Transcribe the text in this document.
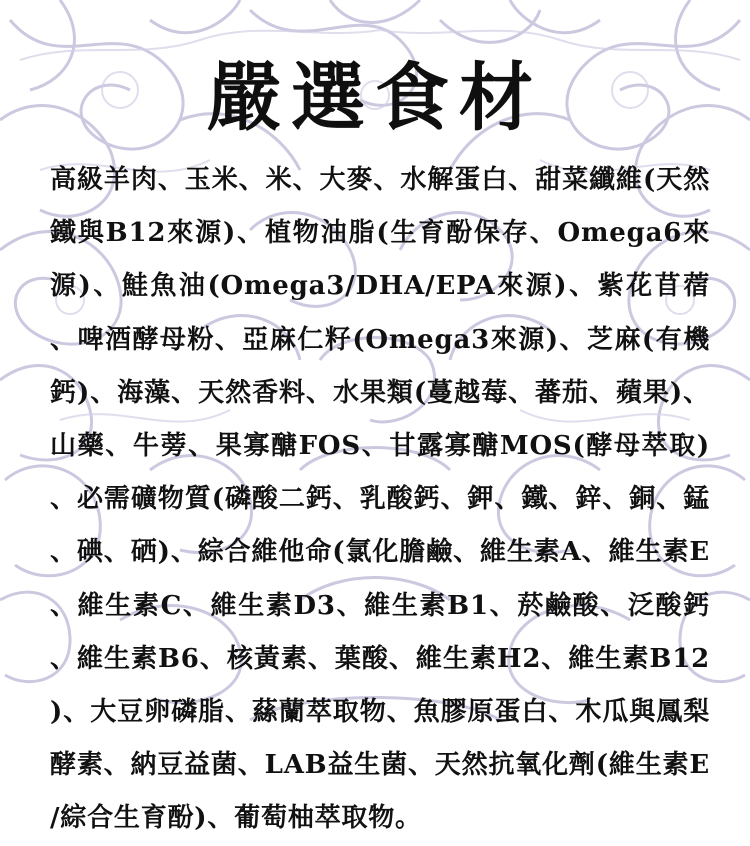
嚴選食材
高級羊肉、玉米、米、大麥、水解蛋白、甜菜纖維(天然鐵與B12來源)、植物油脂(生育酚保存、Omega6來源)、鮭魚油(Omega3/DHA/EPA來源)、紫花苜蓿、啤酒酵母粉、亞麻仁籽(Omega3來源)、芝麻(有機鈣)、海藻、天然香料、水果類(蔓越莓、蕃茄、蘋果)、山藥、牛蒡、果寡醣FOS、甘露寡醣MOS(酵母萃取)、必需礦物質(磷酸二鈣、乳酸鈣、鉀、鐵、鋅、銅、錳、碘、硒)、綜合維他命(氯化膽鹼、維生素A、維生素E、維生素C、維生素D3、維生素B1、菸鹼酸、泛酸鈣、維生素B6、核黃素、葉酸、維生素H2、維生素B12)、大豆卵磷脂、蕬蘭萃取物、魚膠原蛋白、木瓜與鳳梨酵素、納豆益菌、LAB益生菌、天然抗氧化劑(維生素E/綜合生育酚)、葡萄柚萃取物。
